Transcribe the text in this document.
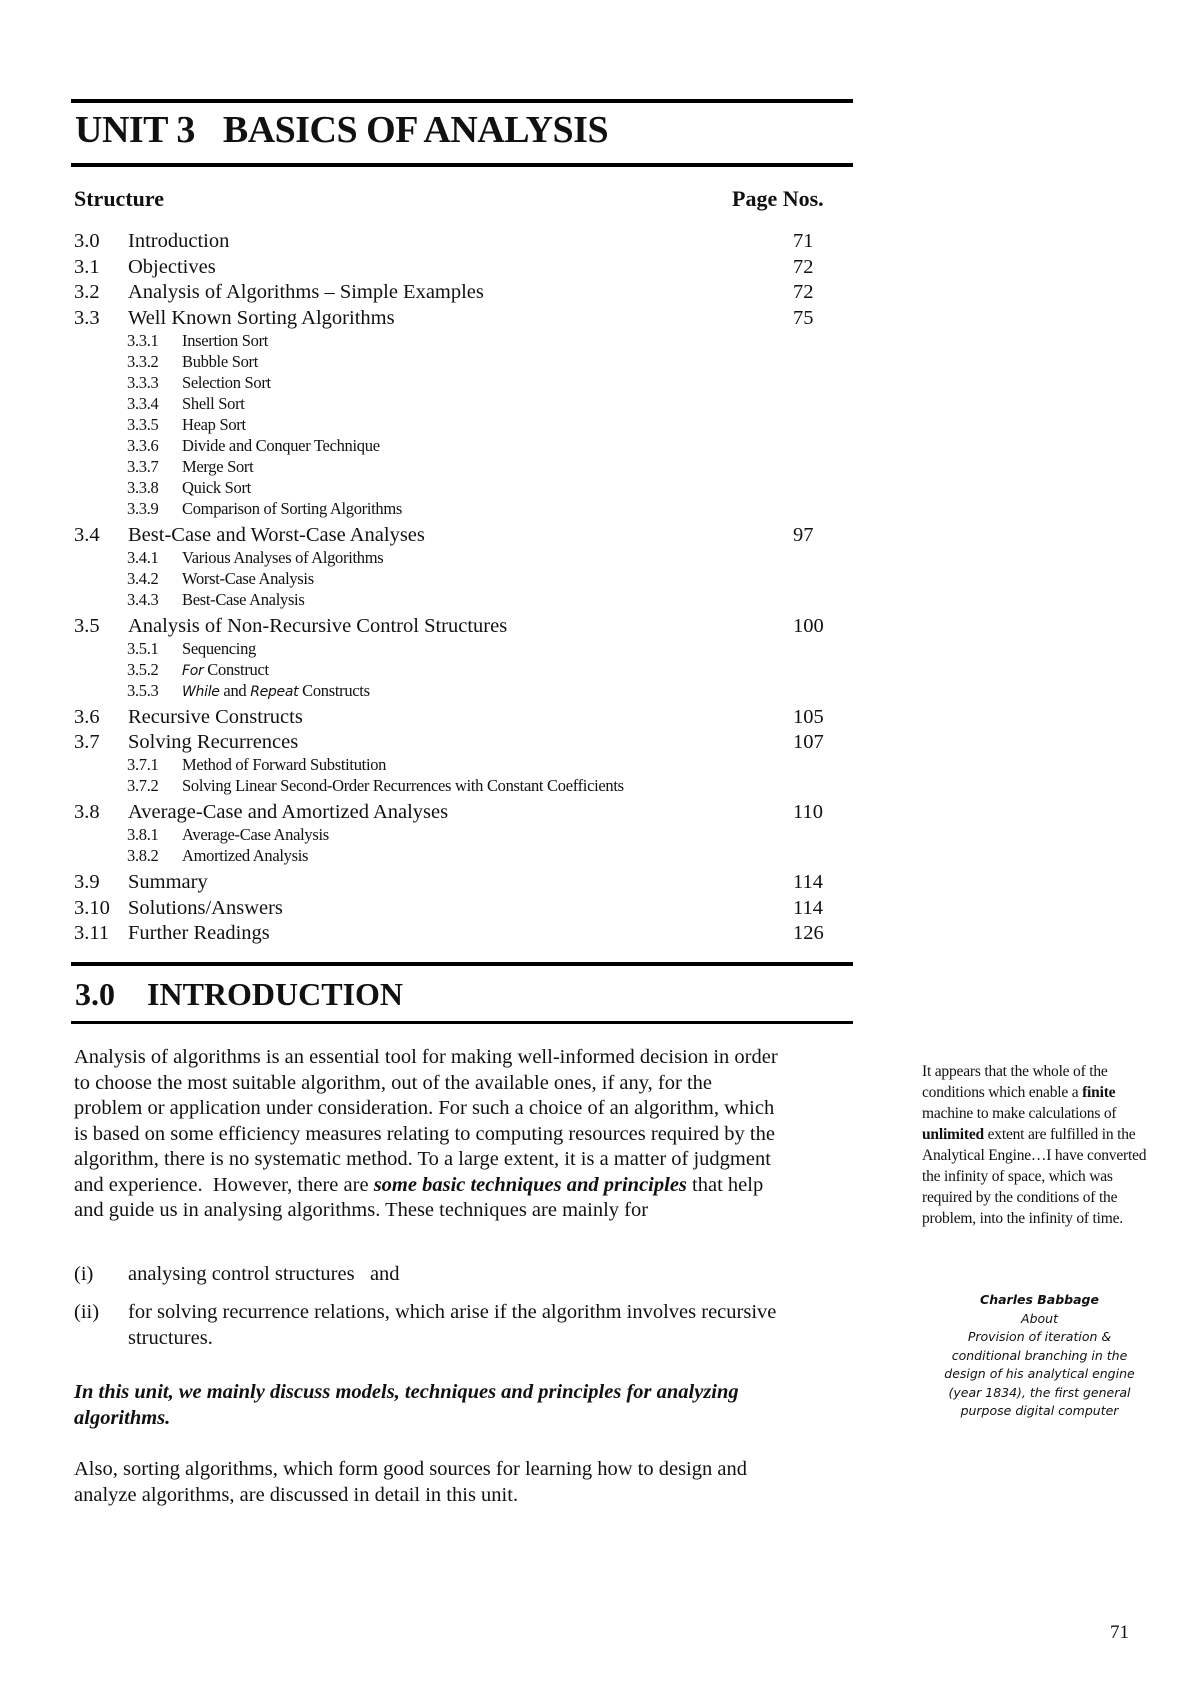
UNIT 3 BASICS OF ANALYSIS
Structure	Page Nos.
3.0 Introduction	71
3.1 Objectives	72
3.2 Analysis of Algorithms – Simple Examples	72
3.3 Well Known Sorting Algorithms	75
3.3.1 Insertion Sort
3.3.2 Bubble Sort
3.3.3 Selection Sort
3.3.4 Shell Sort
3.3.5 Heap Sort
3.3.6 Divide and Conquer Technique
3.3.7 Merge Sort
3.3.8 Quick Sort
3.3.9 Comparison of Sorting Algorithms
3.4 Best-Case and Worst-Case Analyses	97
3.4.1 Various Analyses of Algorithms
3.4.2 Worst-Case Analysis
3.4.3 Best-Case Analysis
3.5 Analysis of Non-Recursive Control Structures	100
3.5.1 Sequencing
3.5.2 For Construct
3.5.3 While and Repeat Constructs
3.6 Recursive Constructs	105
3.7 Solving Recurrences	107
3.7.1 Method of Forward Substitution
3.7.2 Solving Linear Second-Order Recurrences with Constant Coefficients
3.8 Average-Case and Amortized Analyses	110
3.8.1 Average-Case Analysis
3.8.2 Amortized Analysis
3.9 Summary	114
3.10 Solutions/Answers	114
3.11 Further Readings	126
3.0 INTRODUCTION
Analysis of algorithms is an essential tool for making well-informed decision in order
to choose the most suitable algorithm, out of the available ones, if any, for the
problem or application under consideration. For such a choice of an algorithm, which
is based on some efficiency measures relating to computing resources required by the
algorithm, there is no systematic method. To a large extent, it is a matter of judgment
and experience.  However, there are some basic techniques and principles that help
and guide us in analysing algorithms. These techniques are mainly for
(i) analysing control structures   and
(ii) for solving recurrence relations, which arise if the algorithm involves recursive structures.
In this unit, we mainly discuss models, techniques and principles for analyzing
algorithms.
Also, sorting algorithms, which form good sources for learning how to design and
analyze algorithms, are discussed in detail in this unit.
It appears that the whole of the conditions which enable a finite machine to make calculations of unlimited extent are fulfilled in the Analytical Engine…I have converted the infinity of space, which was required by the conditions of the problem, into the infinity of time.
Charles Babbage
About
Provision of iteration &
conditional branching in the
design of his analytical engine
(year 1834), the first general
purpose digital computer
71
